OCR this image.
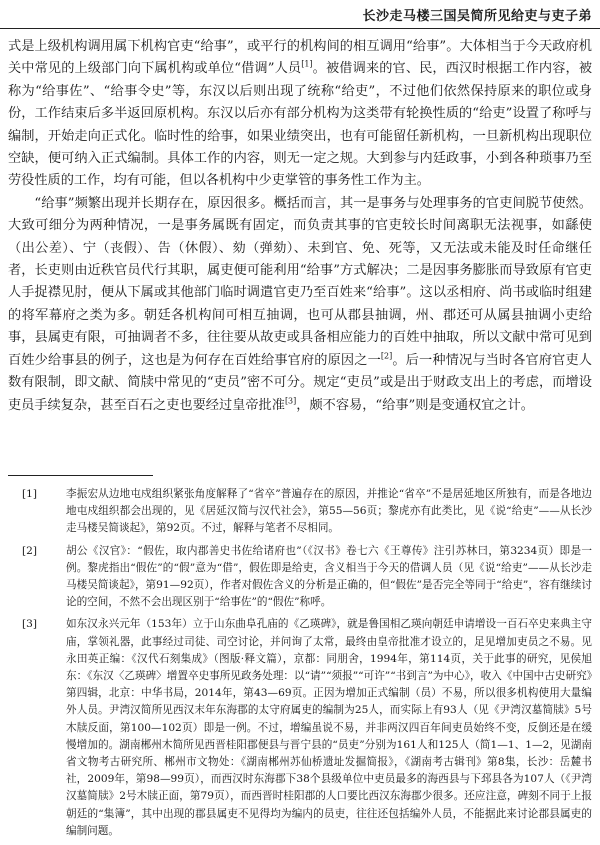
长沙走马楼三国吴简所见给吏与吏子弟

式是上级机构调用属下机构官吏“给事”，或平行的机构间的相互调用“给事”。大体相当于今天政府机关中常见的上级部门向下属机构或单位“借调”人员[1]。被借调来的官、民，西汉时根据工作内容，被称为“给事佐”、“给事令史”等，东汉以后则出现了统称“给吏”，不过他们依然保持原来的职位或身份，工作结束后多半返回原机构。东汉以后亦有部分机构为这类带有轮换性质的“给吏”设置了称呼与编制，开始走向正式化。临时性的给事，如果业绩突出，也有可能留任新机构，一旦新机构出现职位空缺，便可纳入正式编制。具体工作的内容，则无一定之规。大到参与内廷政事，小到各种琐事乃至劳役性质的工作，均有可能，但以各机构中少吏掌管的事务性工作为主。

“给事”频繁出现并长期存在，原因很多。概括而言，其一是事务与处理事务的官吏间脱节使然。大致可细分为两种情况，一是事务属既有固定，而负责其事的官吏较长时间离职无法视事，如繇使（出公差）、宁（丧假）、告（休假）、劾（弹劾）、未到官、免、死等，又无法或未能及时任命继任者，长吏则由近秩官员代行其职，属吏便可能利用“给事”方式解决；二是因事务膨胀而导致原有官吏人手捉襟见肘，便从下属或其他部门临时调遣官吏乃至百姓来“给事”。这以丞相府、尚书或临时组建的将军幕府之类为多。朝廷各机构间可相互抽调，也可从郡县抽调，州、郡还可从属县抽调小吏给事，县属吏有限，可抽调者不多，往往要从故吏或具备相应能力的百姓中抽取，所以文献中常可见到百姓少给事县的例子，这也是为何存在百姓给事官府的原因之一[2]。后一种情况与当时各官府官吏人数有限制，即文献、简牍中常见的“吏员”密不可分。规定“吏员”或是出于财政支出上的考虑，而增设吏员手续复杂，甚至百石之吏也要经过皇帝批准[3]，颇不容易，“给事”则是变通权宜之计。

[1]	李振宏从边地屯戍组织紧张角度解释了“省卒”普遍存在的原因，并推论“省卒”不是居延地区所独有，而是各地边地屯戍组织都会出现的，见《居延汉简与汉代社会》，第55—56页；黎虎亦有此类比，见《说“给吏”——从长沙走马楼吴简谈起》，第92页。不过，解释与笔者不尽相同。
[2]	胡公《汉官》：“假佐，取内郡善史书佐给诸府也”（《汉书》卷七六《王尊传》注引苏林曰，第3234页）即是一例。黎虎指出“假佐”的“假”意为“借”，假佐即是给吏，含义相当于今天的借调人员（见《说“给吏”——从长沙走马楼吴简谈起》，第91—92页），作者对假佐含义的分析是正确的，但“假佐”是否完全等同于“给吏”，容有继续讨论的空间，不然不会出现区别于“给事佐”的“假佐”称呼。
[3]	如东汉永兴元年（153年）立于山东曲阜孔庙的《乙瑛碑》，就是鲁国相乙瑛向朝廷申请增设一百石卒史来典主守庙，掌领礼器，此事经过司徒、司空讨论，并问询了太常，最终由皇帝批准才设立的，足见增加吏员之不易。见永田英正编：《汉代石刻集成》（图版·释文篇），京都：同朋舍，1994年，第114页，关于此事的研究，见侯旭东：《东汉〈乙瑛碑〉增置卒史事所见政务处理：以“请”“须报”“可许”“书到言”为中心》，收入《中国中古史研究》第四辑，北京：中华书局，2014年，第43—69页。正因为增加正式编制（员）不易，所以很多机构使用大量编外人员。尹湾汉简所见西汉末年东海郡的太守府属吏的编制为25人，而实际上有93人（见《尹湾汉墓简牍》5号木牍反面，第100—102页）即是一例。不过，增编虽说不易，并非两汉四百年间吏员始终不变，反倒还是在缓慢增加的。湖南郴州木简所见西晋桂阳郡便县与晋宁县的“员吏”分别为161人和125人（简1—1、1—2，见湖南省文物考古研究所、郴州市文物处：《湖南郴州苏仙桥遗址发掘简报》，《湖南考古辑刊》第8集，长沙：岳麓书社，2009年，第98—99页），而西汉时东海郡下38个县级单位中吏员最多的海西县与下邳县各为107人（《尹湾汉墓简牍》2号木牍正面，第79页），而西晋时桂阳郡的人口要比西汉东海郡少很多。还应注意，碑刻不同于上报朝廷的“集簿”，其中出现的郡县属吏不见得均为编内的员吏，往往还包括编外人员，不能据此来讨论郡县属吏的编制问题。
